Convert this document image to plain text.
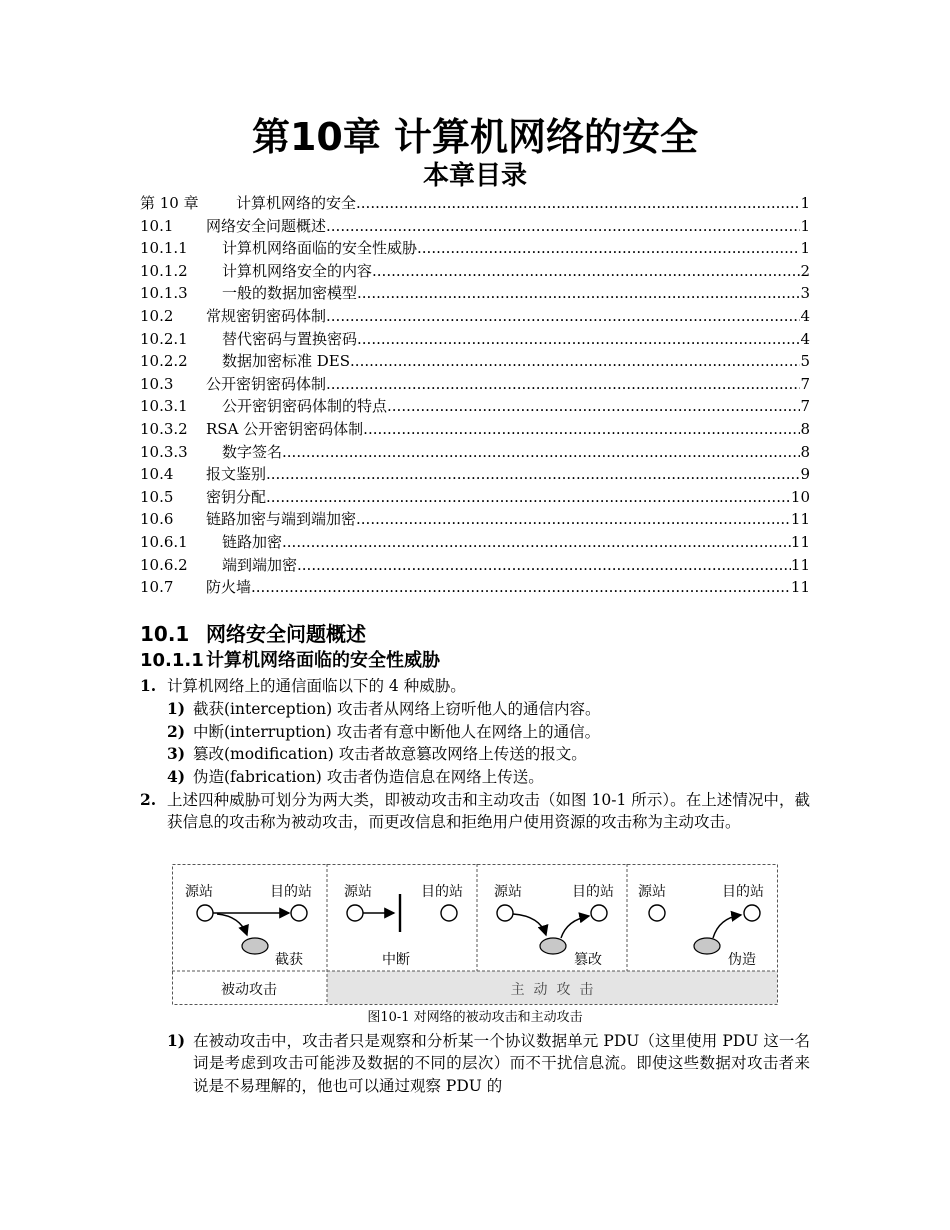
第10章 计算机网络的安全
本章目录
第 10 章	计算机网络的安全 .....	1
10.1	网络安全问题概述 .....	1
10.1.1	计算机网络面临的安全性威胁 .....	1
10.1.2	计算机网络安全的内容 .....	2
10.1.3	一般的数据加密模型 .....	3
10.2	常规密钥密码体制 .....	4
10.2.1	替代密码与置换密码 .....	4
10.2.2	数据加密标准 DES .....	5
10.3	公开密钥密码体制 .....	7
10.3.1	公开密钥密码体制的特点 .....	7
10.3.2	RSA 公开密钥密码体制 .....	8
10.3.3	数字签名 .....	8
10.4	报文鉴别 .....	9
10.5	密钥分配 .....	10
10.6	链路加密与端到端加密 .....	11
10.6.1	链路加密 .....	11
10.6.2	端到端加密 .....	11
10.7	防火墙 .....	11
10.1 网络安全问题概述
10.1.1 计算机网络面临的安全性威胁
1. 计算机网络上的通信面临以下的 4 种威胁。
1) 截获(interception) 攻击者从网络上窃听他人的通信内容。
2) 中断(interruption) 攻击者有意中断他人在网络上的通信。
3) 篡改(modification) 攻击者故意篡改网络上传送的报文。
4) 伪造(fabrication) 攻击者伪造信息在网络上传送。
2. 上述四种威胁可划分为两大类，即被动攻击和主动攻击（如图 10-1 所示）。在上述情况中，截获信息的攻击称为被动攻击，而更改信息和拒绝用户使用资源的攻击称为主动攻击。
1) 在被动攻击中，攻击者只是观察和分析某一个协议数据单元 PDU（这里使用 PDU 这一名词是考虑到攻击可能涉及数据的不同的层次）而不干扰信息流。即使这些数据对攻击者来说是不易理解的，他也可以通过观察 PDU 的
源站	目的站
截获
源站	目的站
中断
源站	目的站
篡改
源站	目的站
伪造
被动攻击	主  动  攻  击
图10-1 对网络的被动攻击和主动攻击
